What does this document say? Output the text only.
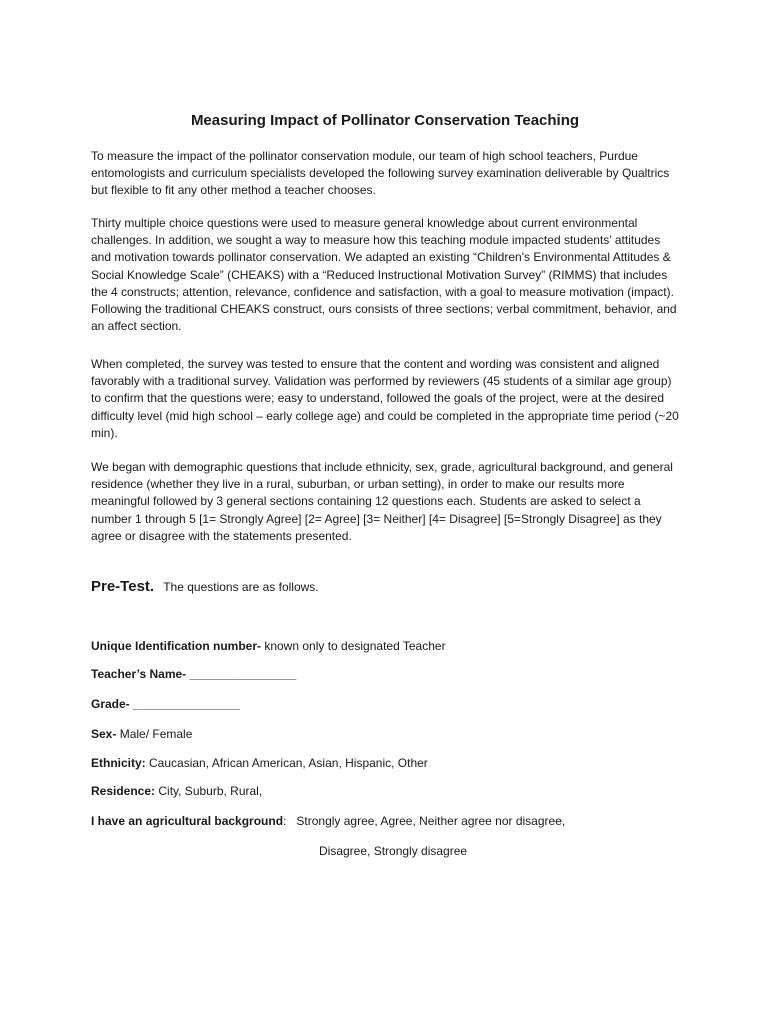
Measuring Impact of Pollinator Conservation Teaching

To measure the impact of the pollinator conservation module, our team of high school teachers, Purdue entomologists and curriculum specialists developed the following survey examination deliverable by Qualtrics but flexible to fit any other method a teacher chooses.

Thirty multiple choice questions were used to measure general knowledge about current environmental challenges. In addition, we sought a way to measure how this teaching module impacted students’ attitudes and motivation towards pollinator conservation. We adapted an existing “Children's Environmental Attitudes & Social Knowledge Scale” (CHEAKS) with a “Reduced Instructional Motivation Survey” (RIMMS) that includes the 4 constructs; attention, relevance, confidence and satisfaction, with a goal to measure motivation (impact). Following the traditional CHEAKS construct, ours consists of three sections; verbal commitment, behavior, and an affect section.

When completed, the survey was tested to ensure that the content and wording was consistent and aligned favorably with a traditional survey. Validation was performed by reviewers (45 students of a similar age group) to confirm that the questions were; easy to understand, followed the goals of the project, were at the desired difficulty level (mid high school – early college age) and could be completed in the appropriate time period (~20 min).

We began with demographic questions that include ethnicity, sex, grade, agricultural background, and general residence (whether they live in a rural, suburban, or urban setting), in order to make our results more meaningful followed by 3 general sections containing 12 questions each. Students are asked to select a number 1 through 5 [1= Strongly Agree] [2= Agree] [3= Neither] [4= Disagree] [5=Strongly Disagree] as they agree or disagree with the statements presented.

Pre-Test. The questions are as follows.
Unique Identification number- known only to designated Teacher
Teacher’s Name- ________________
Grade- ________________
Sex- Male/ Female
Ethnicity: Caucasian, African American, Asian, Hispanic, Other
Residence: City, Suburb, Rural,
I have an agricultural background:   Strongly agree, Agree, Neither agree nor disagree,
Disagree, Strongly disagree
